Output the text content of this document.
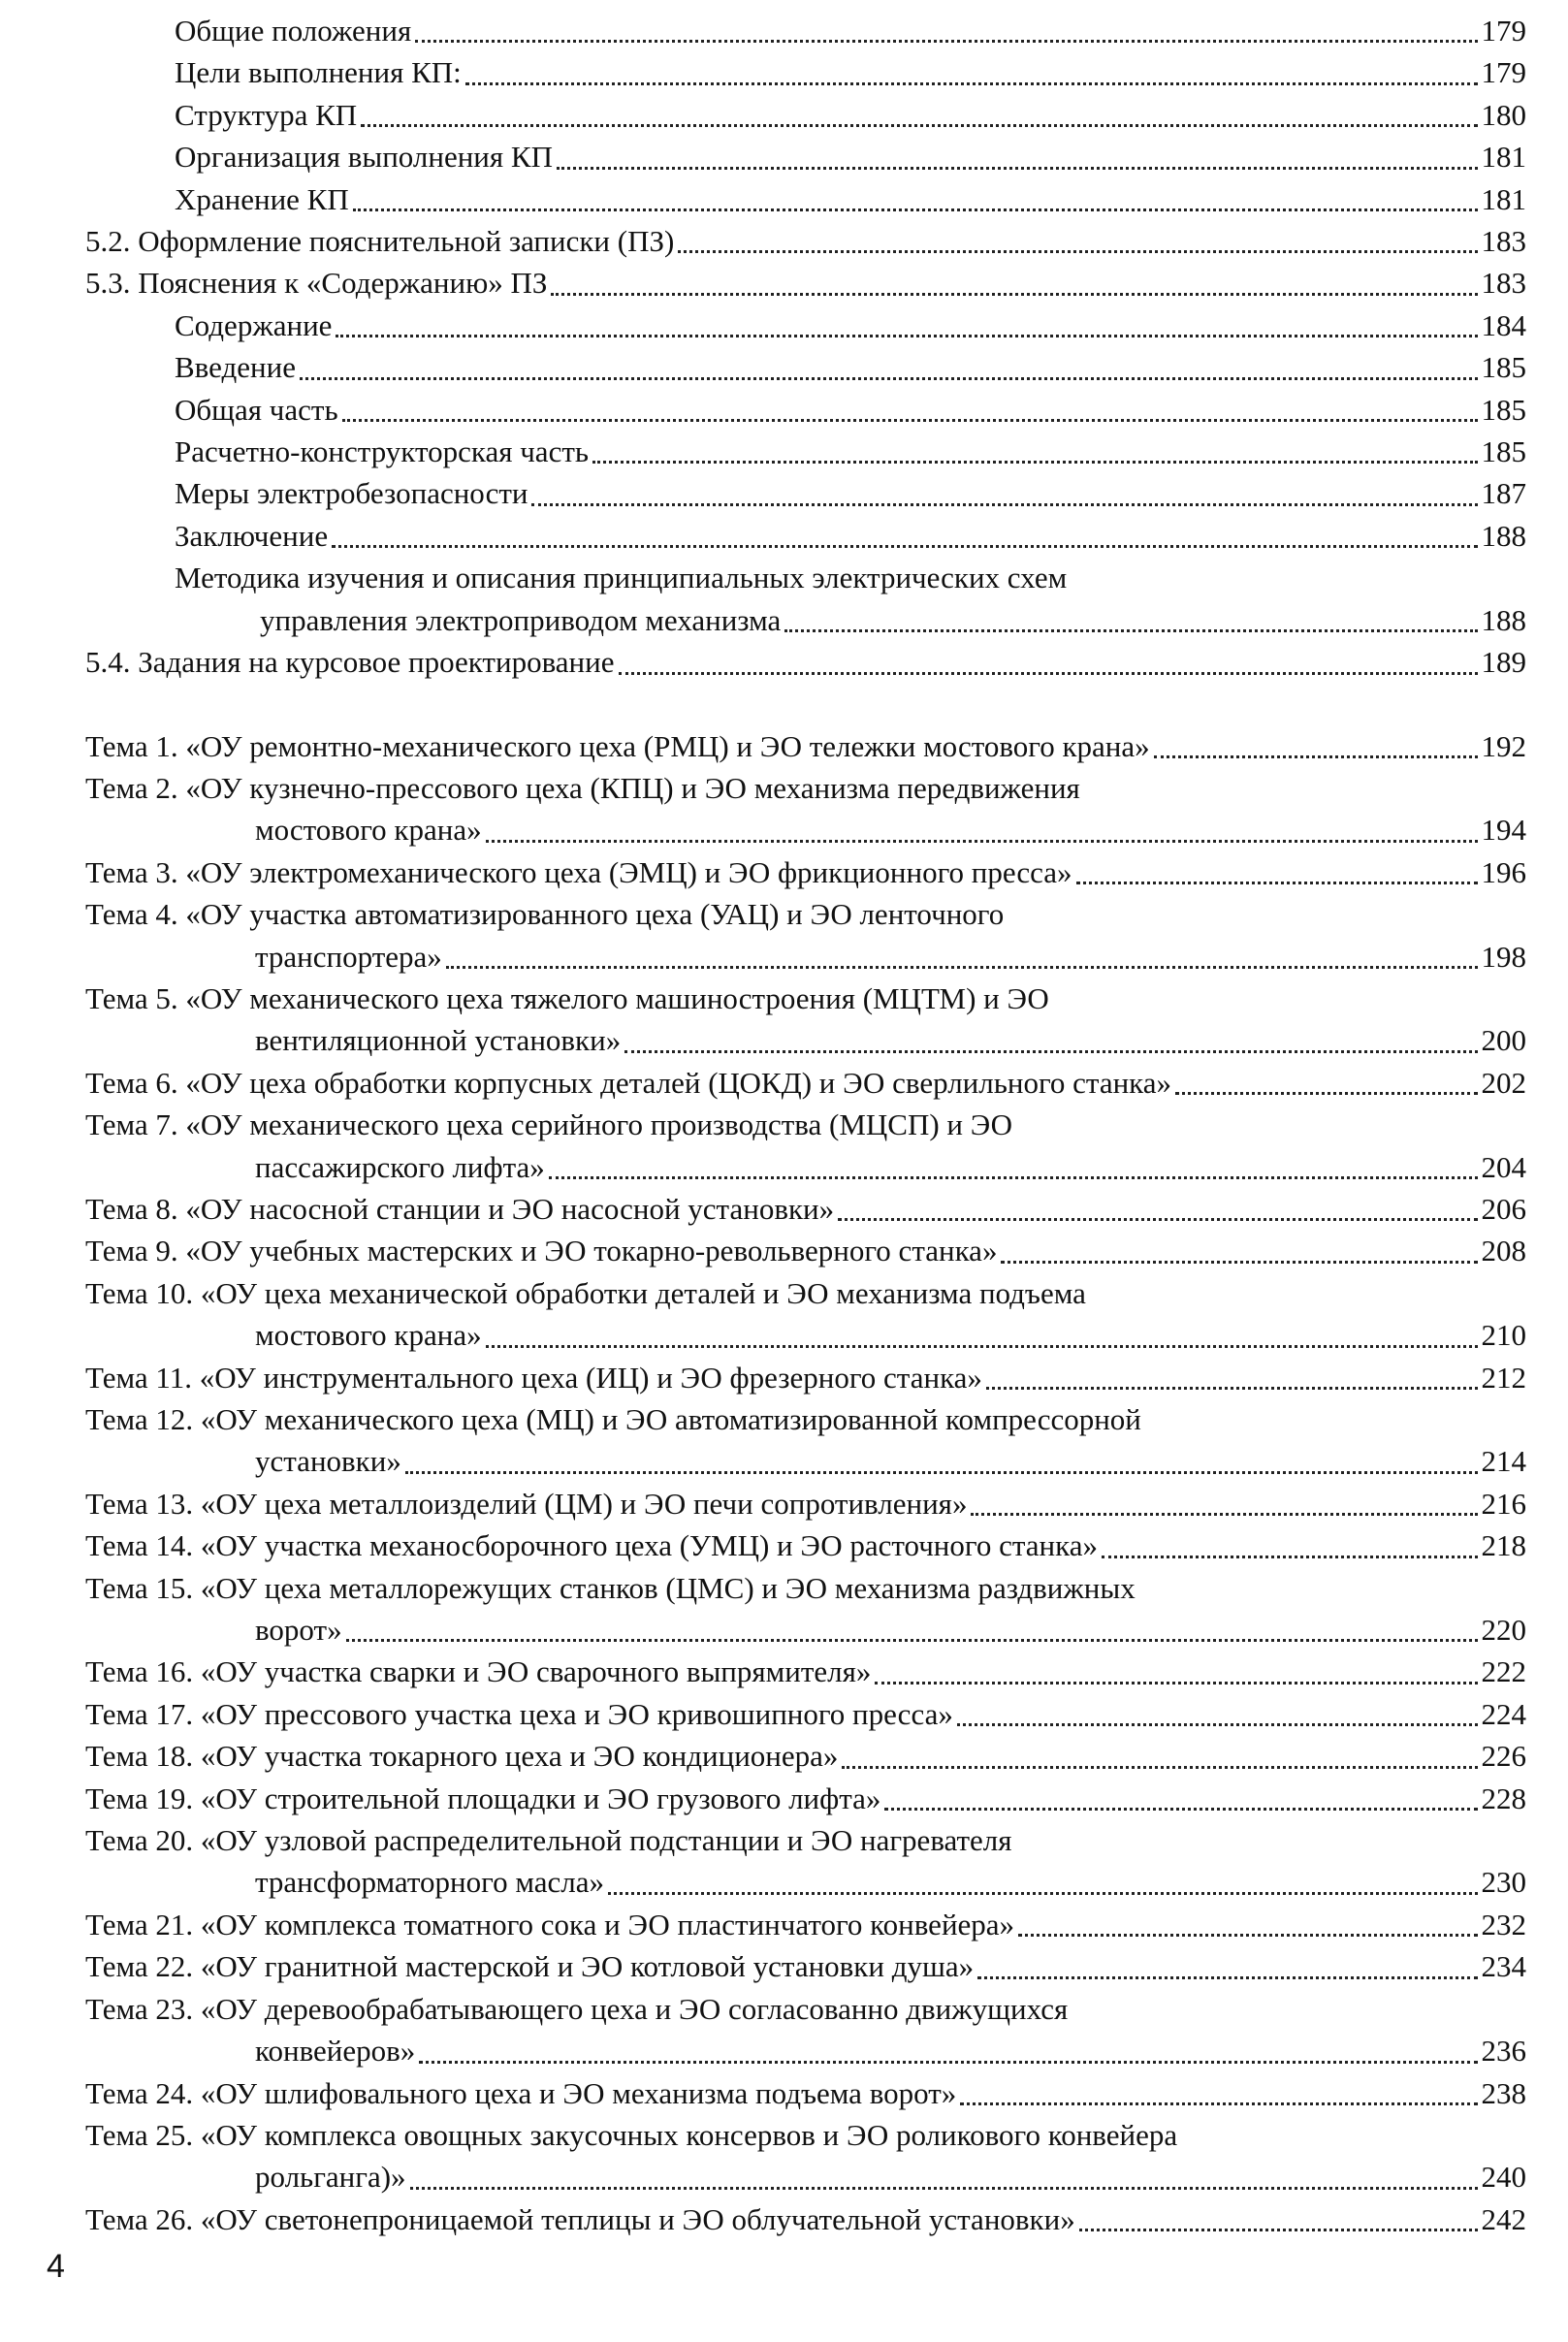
Общие положения	179
Цели выполнения КП:	179
Структура КП	180
Организация выполнения КП	181
Хранение КП	181
5.2. Оформление пояснительной записки (ПЗ)	183
5.3. Пояснения к «Содержанию» ПЗ	183
Содержание	184
Введение	185
Общая часть	185
Расчетно-конструкторская часть	185
Меры электробезопасности	187
Заключение	188
Методика изучения и описания принципиальных электрических схем
управления электроприводом механизма	188
5.4. Задания на курсовое проектирование	189
Тема 1. «ОУ ремонтно-механического цеха (РМЦ) и ЭО тележки мостового крана»	192
Тема 2. «ОУ кузнечно-прессового цеха (КПЦ) и ЭО механизма передвижения
мостового крана»	194
Тема 3. «ОУ электромеханического цеха (ЭМЦ) и ЭО фрикционного пресса»	196
Тема 4. «ОУ участка автоматизированного цеха (УАЦ) и ЭО ленточного
транспортера»	198
Тема 5. «ОУ механического цеха тяжелого машиностроения (МЦТМ) и ЭО
вентиляционной установки»	200
Тема 6. «ОУ цеха обработки корпусных деталей (ЦОКД) и ЭО сверлильного станка»	202
Тема 7. «ОУ механического цеха серийного производства (МЦСП) и ЭО
пассажирского лифта»	204
Тема 8. «ОУ насосной станции и ЭО насосной установки»	206
Тема 9. «ОУ учебных мастерских и ЭО токарно-револьверного станка»	208
Тема 10. «ОУ цеха механической обработки деталей и ЭО механизма подъема
мостового крана»	210
Тема 11. «ОУ инструментального цеха (ИЦ) и ЭО фрезерного станка»	212
Тема 12. «ОУ механического цеха (МЦ) и ЭО автоматизированной компрессорной
установки»	214
Тема 13. «ОУ цеха металлоизделий (ЦМ) и ЭО печи сопротивления»	216
Тема 14. «ОУ участка механосборочного цеха (УМЦ) и ЭО расточного станка»	218
Тема 15. «ОУ цеха металлорежущих станков (ЦМС) и ЭО механизма раздвижных
ворот»	220
Тема 16. «ОУ участка сварки и ЭО сварочного выпрямителя»	222
Тема 17. «ОУ прессового участка цеха и ЭО кривошипного пресса»	224
Тема 18. «ОУ участка токарного цеха и ЭО кондиционера»	226
Тема 19. «ОУ строительной площадки и ЭО грузового лифта»	228
Тема 20. «ОУ узловой распределительной подстанции и ЭО нагревателя
трансформаторного масла»	230
Тема 21. «ОУ комплекса томатного сока и ЭО пластинчатого конвейера»	232
Тема 22. «ОУ гранитной мастерской и ЭО котловой установки душа»	234
Тема 23. «ОУ деревообрабатывающего цеха и ЭО согласованно движущихся
конвейеров»	236
Тема 24. «ОУ шлифовального цеха и ЭО механизма подъема ворот»	238
Тема 25. «ОУ комплекса овощных закусочных консервов и ЭО роликового конвейера
рольганга)»	240
Тема 26. «ОУ светонепроницаемой теплицы и ЭО облучательной установки»	242
4
